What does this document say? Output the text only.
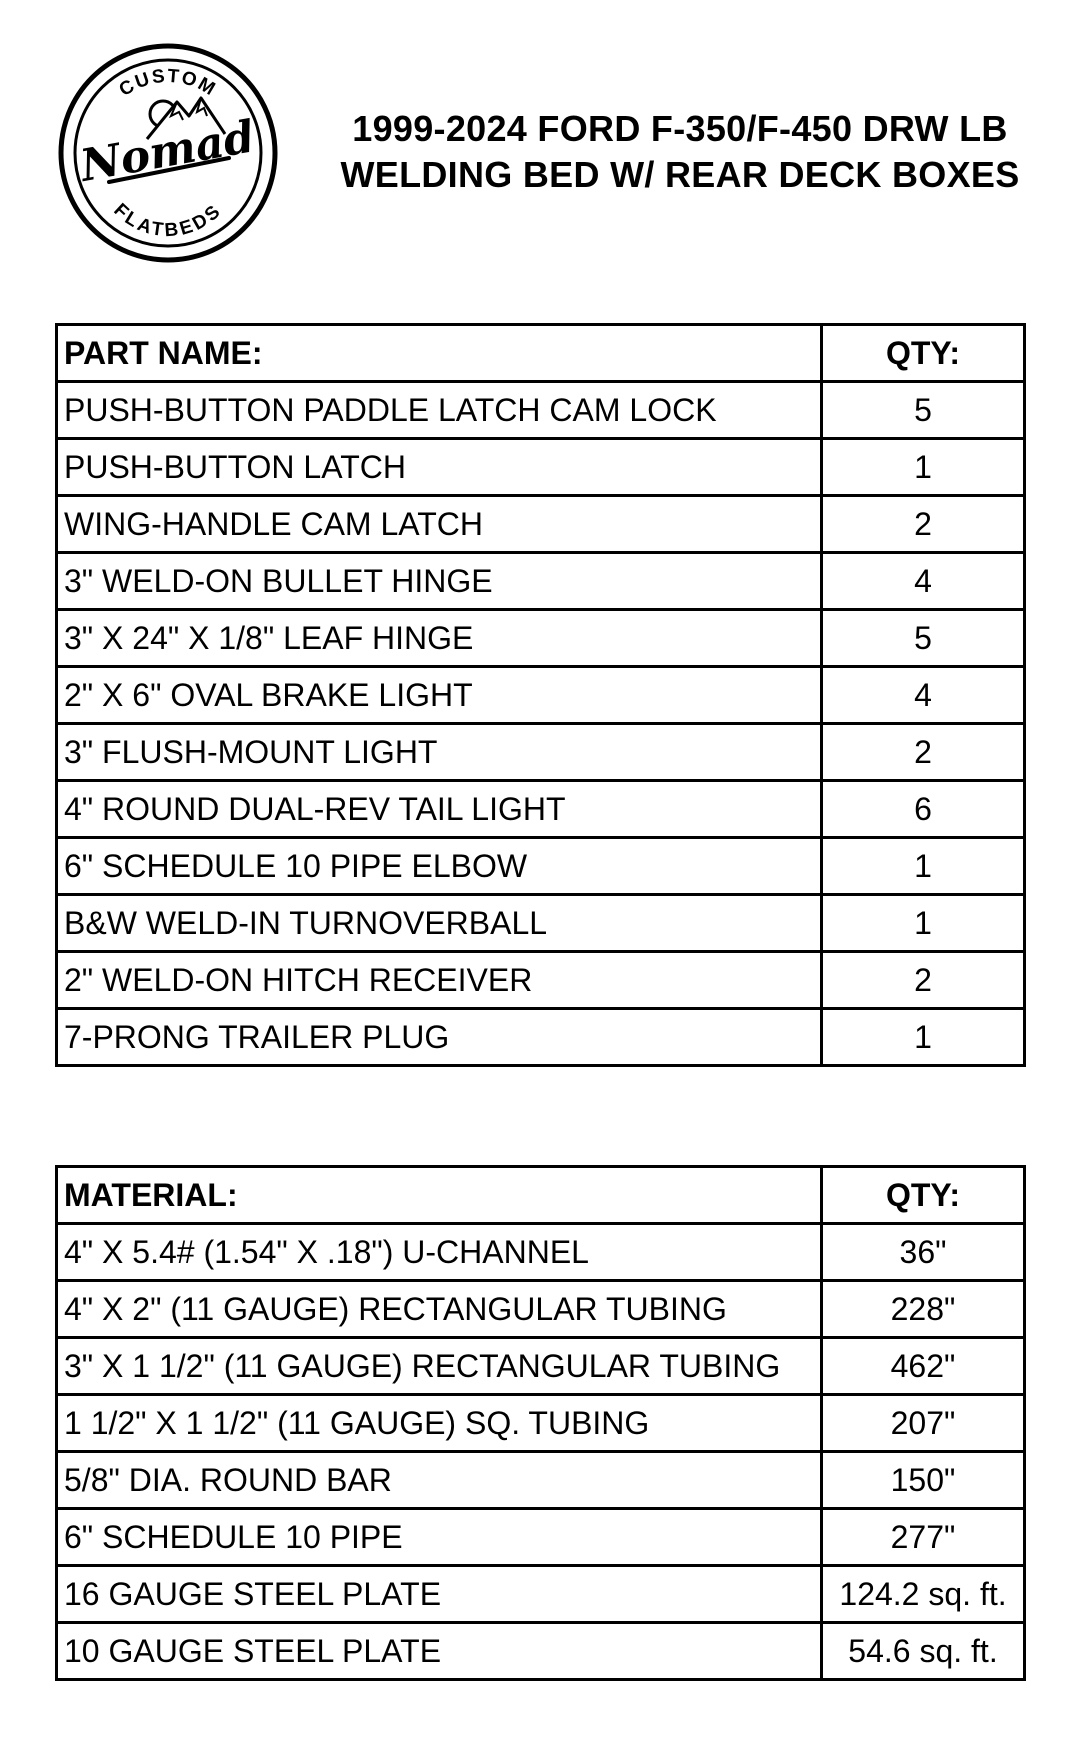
CUSTOM
FLATBEDS
Nomad	1999-2024 FORD F-350/F-450 DRW LB
WELDING BED W/ REAR DECK BOXES
PART NAME:	QTY:
PUSH-BUTTON PADDLE LATCH CAM LOCK	5
PUSH-BUTTON LATCH	1
WING-HANDLE CAM LATCH	2
3" WELD-ON BULLET HINGE	4
3" X 24" X 1/8" LEAF HINGE	5
2" X 6" OVAL BRAKE LIGHT	4
3" FLUSH-MOUNT LIGHT	2
4" ROUND DUAL-REV TAIL LIGHT	6
6" SCHEDULE 10 PIPE ELBOW	1
B&W WELD-IN TURNOVERBALL	1
2" WELD-ON HITCH RECEIVER	2
7-PRONG TRAILER PLUG	1
MATERIAL:	QTY:
4" X 5.4# (1.54" X .18") U-CHANNEL	36"
4" X 2" (11 GAUGE) RECTANGULAR TUBING	228"
3" X 1 1/2" (11 GAUGE) RECTANGULAR TUBING	462"
1 1/2" X 1 1/2" (11 GAUGE) SQ. TUBING	207"
5/8" DIA. ROUND BAR	150"
6" SCHEDULE 10 PIPE	277"
16 GAUGE STEEL PLATE	124.2 sq. ft.
10 GAUGE STEEL PLATE	54.6 sq. ft.
